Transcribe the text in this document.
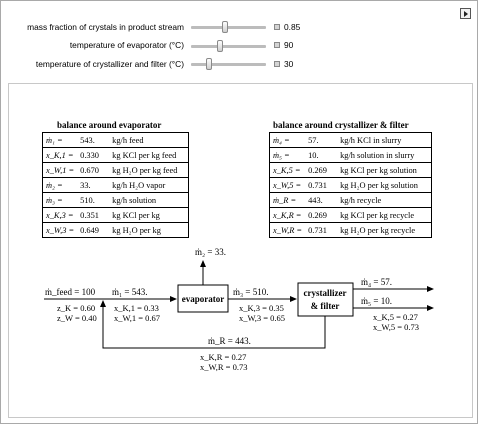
mass fraction of crystals in product stream	0.85
temperature of evaporator (°C)	90
temperature of crystallizer and filter (°C)	30
balance around evaporator	balance around crystallizer & filter
ṁ₁ =	543.	kg/h feed
x_K,1 =	0.330	kg KCl per kg feed
x_W,1 =	0.670	kg H₂O per kg feed
ṁ₂ =	33.	kg/h H₂O vapor
ṁ₃ =	510.	kg/h solution
x_K,3 =	0.351	kg KCl per kg
x_W,3 =	0.649	kg H₂O per kg
ṁ₄ =	57.	kg/h KCl in slurry
ṁ₅ =	10.	kg/h solution in slurry
x_K,5 =	0.269	kg KCl per kg solution
x_W,5 =	0.731	kg H₂O per kg solution
ṁ_R =	443.	kg/h recycle
x_K,R =	0.269	kg KCl per kg recycle
x_W,R =	0.731	kg H₂O per kg recycle
evaporator
crystallizer
& filter
ṁ₂ = 33.
ṁ_feed = 100
z_K = 0.60
z_W = 0.40
ṁ₁ = 543.
x_K,1 = 0.33
x_W,1 = 0.67
ṁ₃ = 510.
x_K,3 = 0.35
x_W,3 = 0.65
ṁ₄ = 57.
ṁ₅ = 10.
x_K,5 = 0.27
x_W,5 = 0.73
ṁ_R = 443.
x_K,R = 0.27
x_W,R = 0.73
